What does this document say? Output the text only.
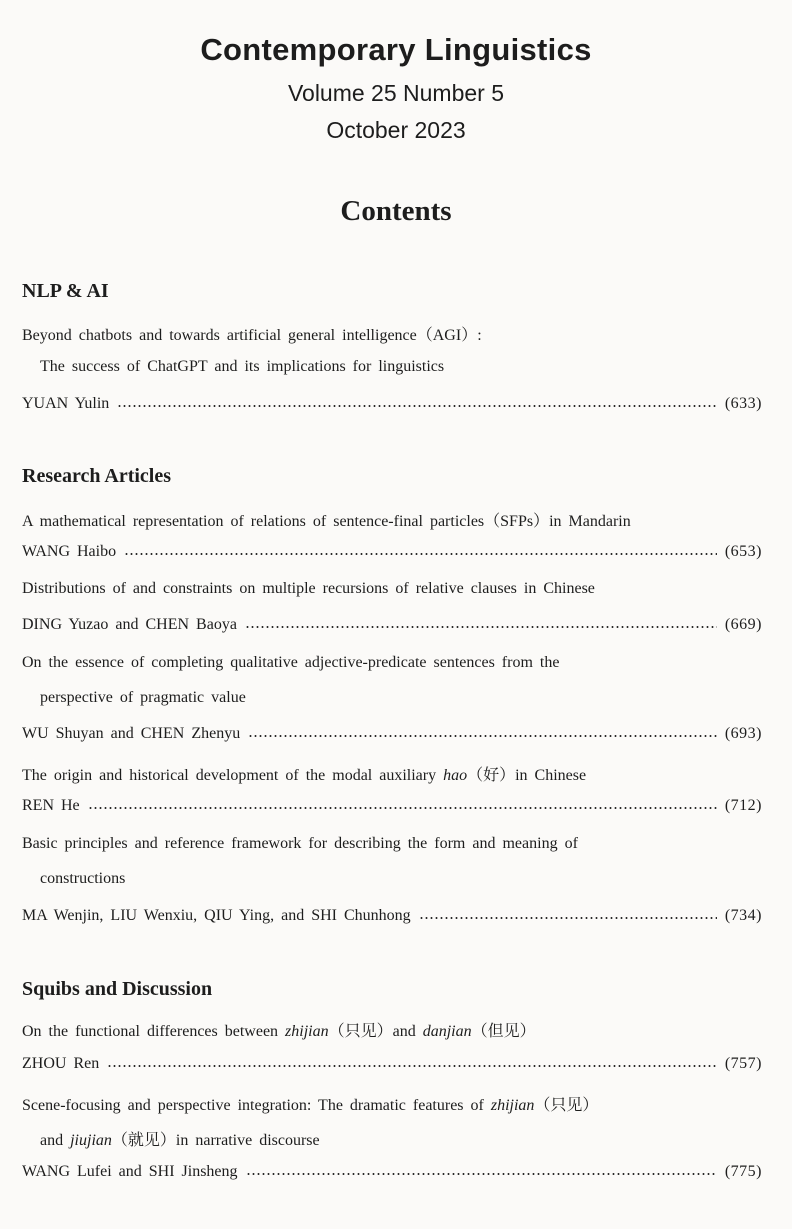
Contemporary Linguistics
Volume 25 Number 5
October 2023
Contents
NLP & AI
Beyond chatbots and towards artificial general intelligence（AGI）:
The success of ChatGPT and its implications for linguistics
YUAN Yulin	(633)
Research Articles
A mathematical representation of relations of sentence-final particles（SFPs）in Mandarin
WANG Haibo	(653)
Distributions of and constraints on multiple recursions of relative clauses in Chinese
DING Yuzao and CHEN Baoya	(669)
On the essence of completing qualitative adjective-predicate sentences from the
perspective of pragmatic value
WU Shuyan and CHEN Zhenyu	(693)
The origin and historical development of the modal auxiliary hao（好）in Chinese
REN He	(712)
Basic principles and reference framework for describing the form and meaning of
constructions
MA Wenjin, LIU Wenxiu, QIU Ying, and SHI Chunhong	(734)
Squibs and Discussion
On the functional differences between zhijian（只见）and danjian（但见）
ZHOU Ren	(757)
Scene-focusing and perspective integration: The dramatic features of zhijian（只见）
and jiujian（就见）in narrative discourse
WANG Lufei and SHI Jinsheng	(775)
